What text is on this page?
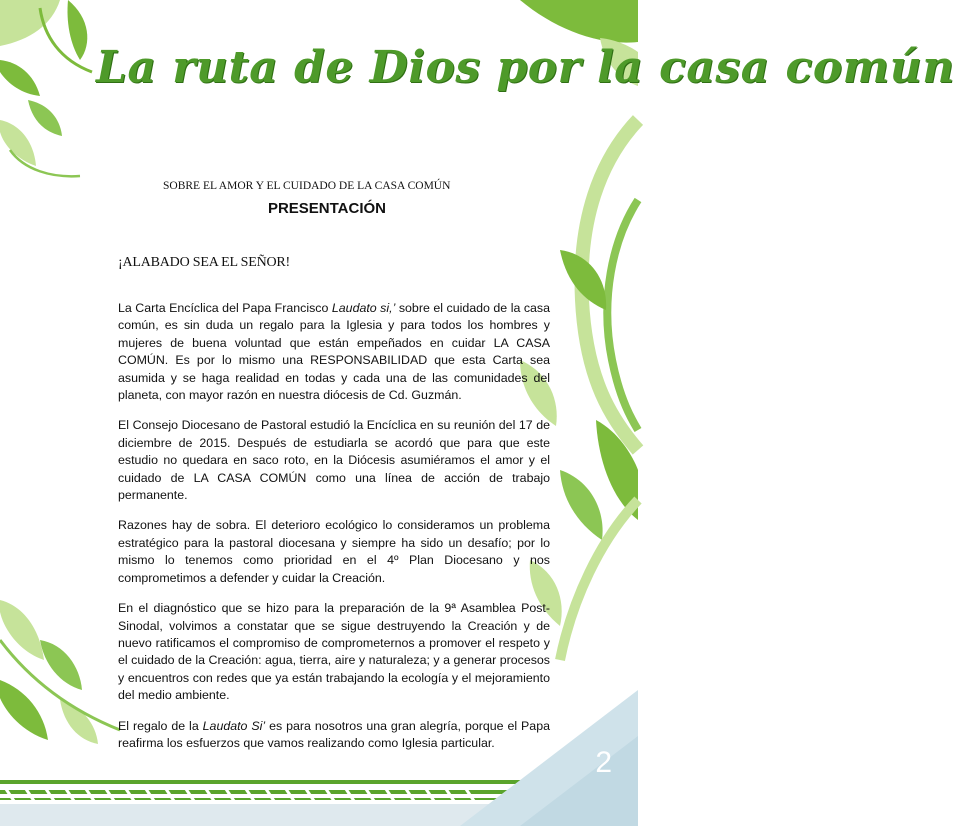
La ruta de Dios por la casa común
SOBRE EL AMOR Y EL CUIDADO DE LA CASA COMÚN
PRESENTACIÓN
¡ALABADO SEA EL SEÑOR!

La Carta Encíclica del Papa Francisco Laudato si,’ sobre el cuidado de la casa común, es sin duda un regalo para la Iglesia y para todos los hombres y mujeres de buena voluntad que están empeñados en cuidar LA CASA COMÚN. Es por lo mismo una RESPONSABILIDAD que esta Carta sea asumida y se haga realidad en todas y cada una de las comunidades del planeta, con mayor razón en nuestra diócesis de Cd. Guzmán.

El Consejo Diocesano de Pastoral estudió la Encíclica en su reunión del 17 de diciembre de 2015. Después de estudiarla se acordó que para que este estudio no quedara en saco roto, en la Diócesis asumiéramos el amor y el cuidado de LA CASA COMÚN como una línea de acción de trabajo permanente.

Razones hay de sobra. El deterioro ecológico lo consideramos un problema estratégico para la pastoral diocesana y siempre ha sido un desafío; por lo mismo lo tenemos como prioridad en el 4º Plan Diocesano y nos comprometimos a defender y cuidar la Creación.

En el diagnóstico que se hizo para la preparación de la 9ª Asamblea Post-Sinodal, volvimos a constatar que se sigue destruyendo la Creación y de nuevo ratificamos el compromiso de comprometernos a promover el respeto y el cuidado de la Creación: agua, tierra, aire y naturaleza; y a generar procesos y encuentros con redes que ya están trabajando la ecología y el mejoramiento del medio ambiente.

El regalo de la Laudato Si’ es para nosotros una gran alegría, porque el Papa reafirma los esfuerzos que vamos realizando como Iglesia particular.

2
